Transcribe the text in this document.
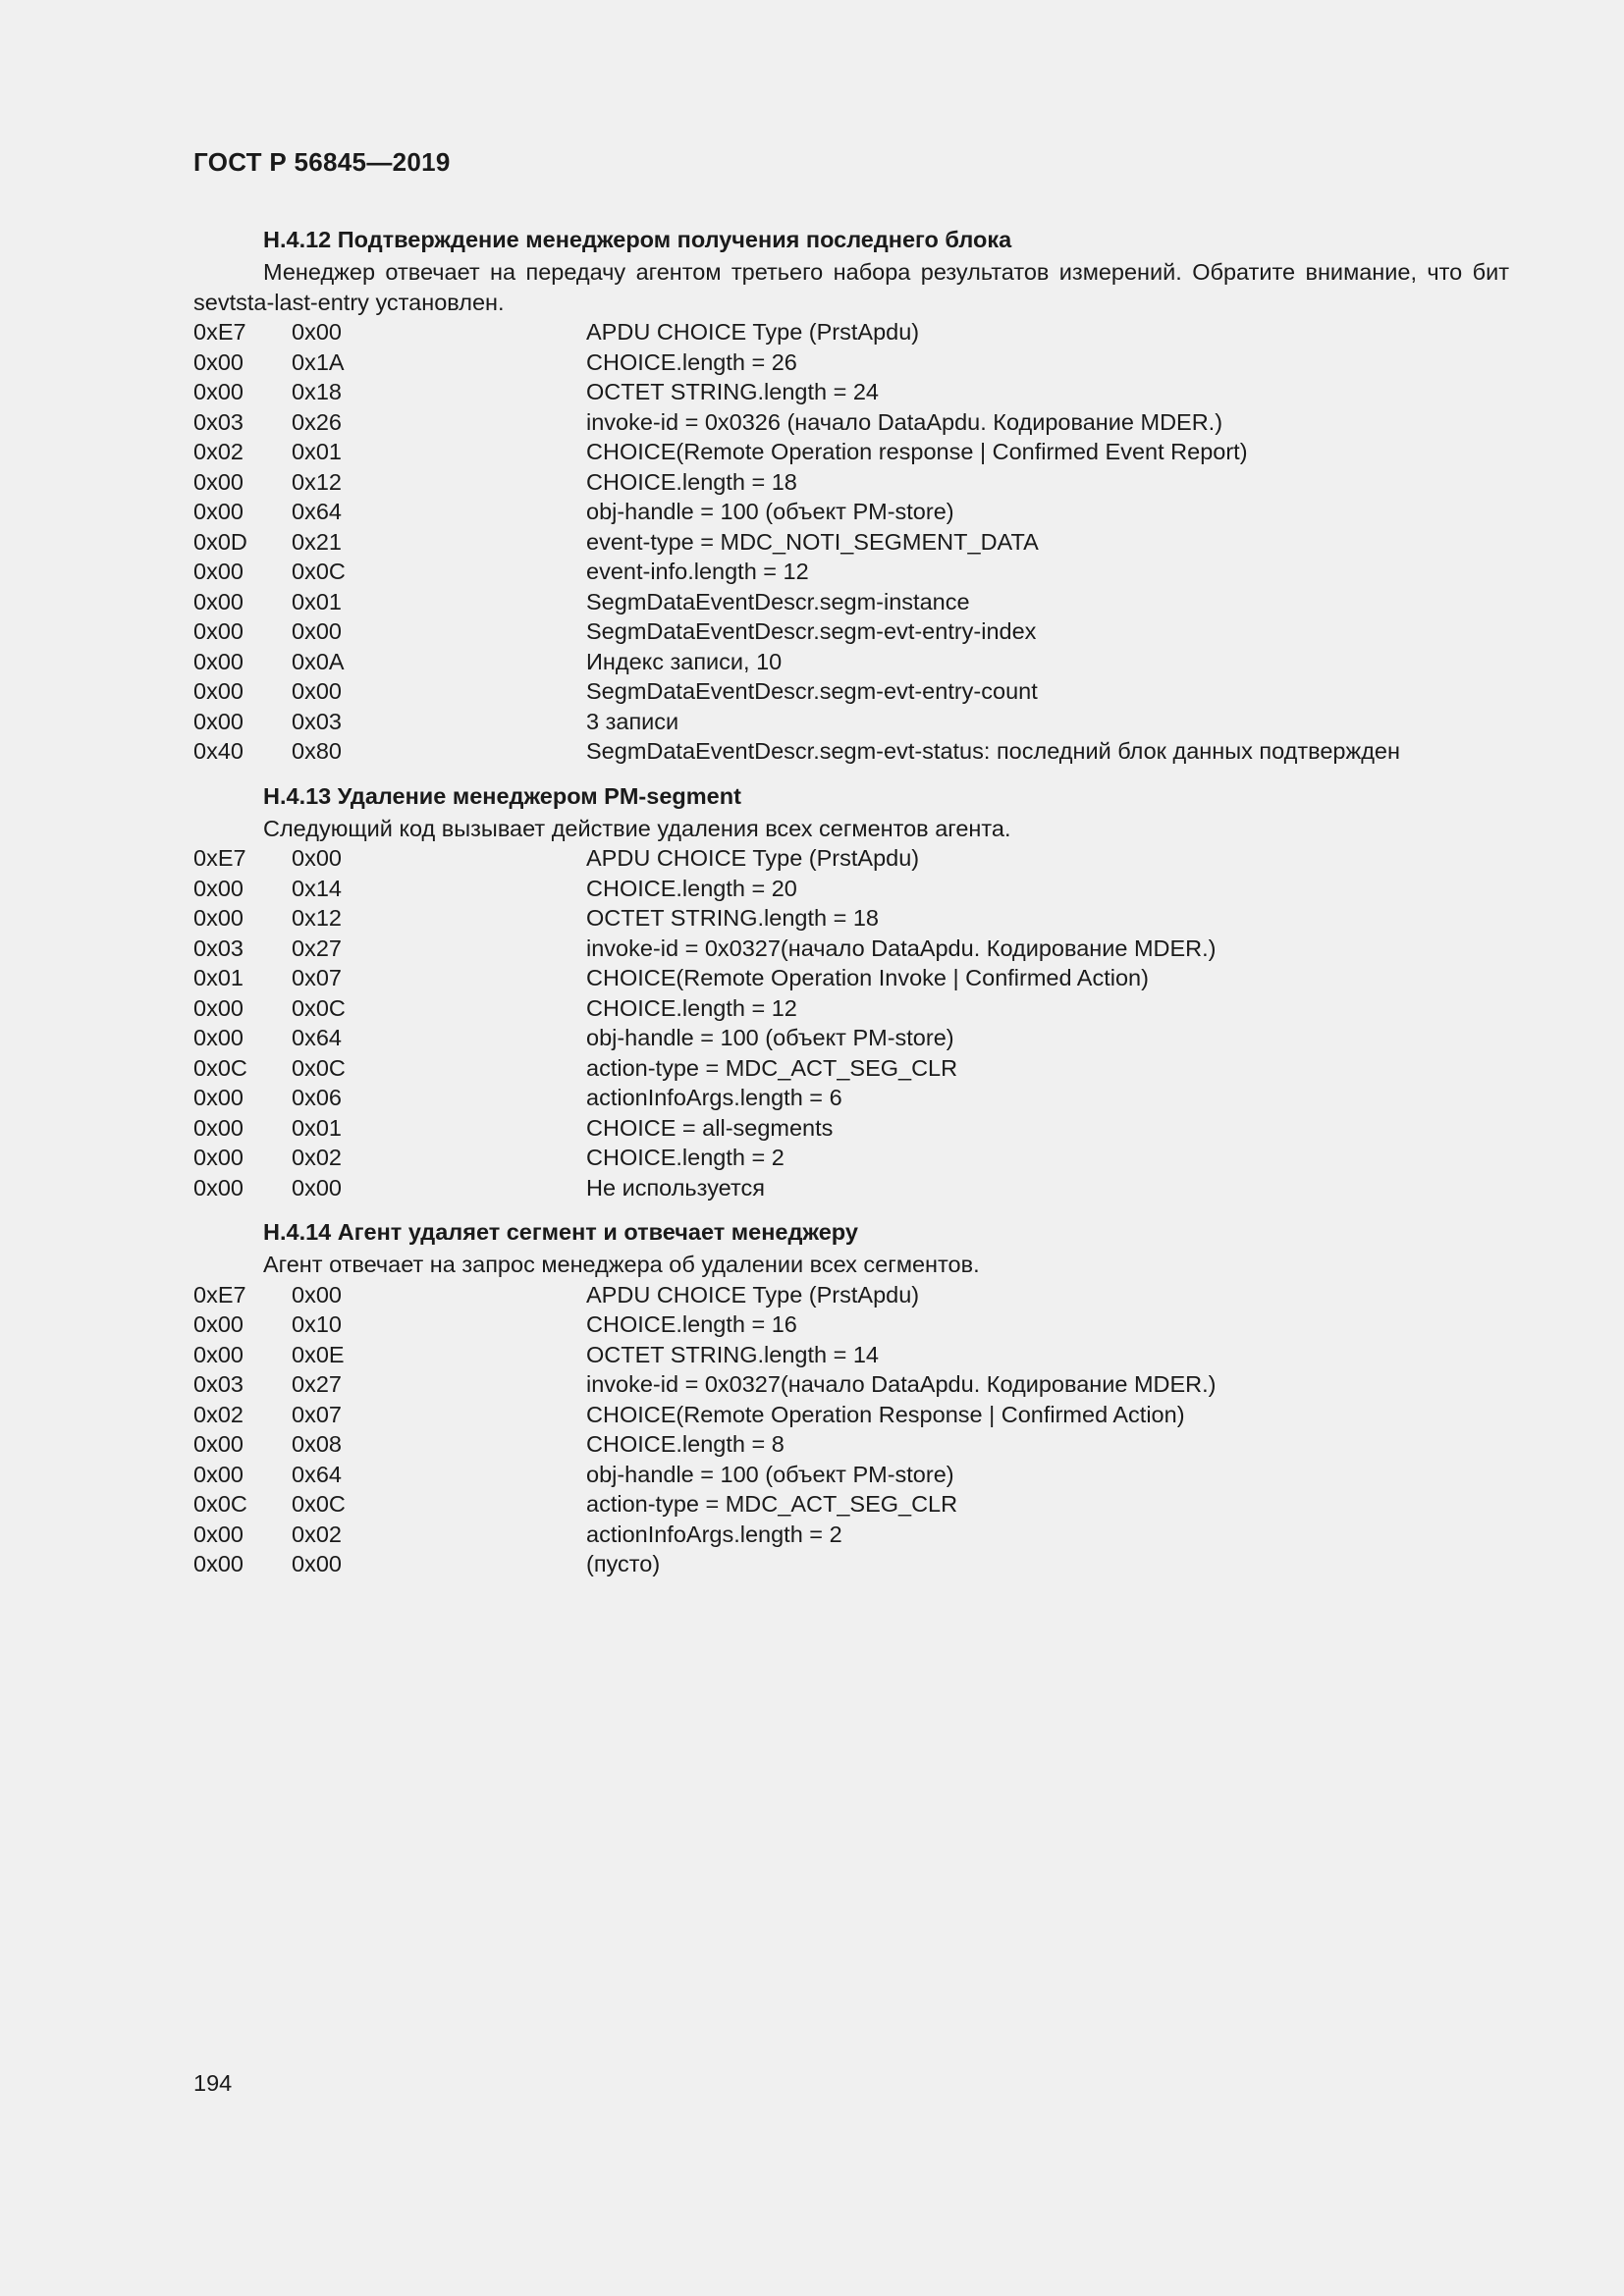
ГОСТ Р 56845—2019
H.4.12 Подтверждение менеджером получения последнего блока

Менеджер отвечает на передачу агентом третьего набора результатов измерений. Обратите внимание, что бит sevtsta-last-entry установлен.

0xE7 0x00	APDU CHOICE Type (PrstApdu)
0x00 0x1A	CHOICE.length = 26
0x00 0x18	OCTET STRING.length = 24
0x03 0x26	invoke-id = 0x0326 (начало DataApdu. Кодирование MDER.)
0x02 0x01	CHOICE(Remote Operation response | Confirmed Event Report)
0x00 0x12	CHOICE.length = 18
0x00 0x64	obj-handle = 100 (объект PM-store)
0x0D 0x21	event-type = MDC_NOTI_SEGMENT_DATA
0x00 0x0C	event-info.length = 12
0x00 0x01	SegmDataEventDescr.segm-instance
0x00 0x00	SegmDataEventDescr.segm-evt-entry-index
0x00 0x0A	Индекс записи, 10
0x00 0x00	SegmDataEventDescr.segm-evt-entry-count
0x00 0x03	3 записи
0x40 0x80	SegmDataEventDescr.segm-evt-status: последний блок данных подтвержден
H.4.13 Удаление менеджером PM-segment

Следующий код вызывает действие удаления всех сегментов агента.

0xE7 0x00	APDU CHOICE Type (PrstApdu)
0x00 0x14	CHOICE.length = 20
0x00 0x12	OCTET STRING.length = 18
0x03 0x27	invoke-id = 0x0327(начало DataApdu. Кодирование MDER.)
0x01 0x07	CHOICE(Remote Operation Invoke | Confirmed Action)
0x00 0x0C	CHOICE.length = 12
0x00 0x64	obj-handle = 100 (объект PM-store)
0x0C 0x0C	action-type = MDC_ACT_SEG_CLR
0x00 0x06	actionInfoArgs.length = 6
0x00 0x01	CHOICE = all-segments
0x00 0x02	CHOICE.length = 2
0x00 0x00	Не используется
H.4.14 Агент удаляет сегмент и отвечает менеджеру

Агент отвечает на запрос менеджера об удалении всех сегментов.

0xE7 0x00	APDU CHOICE Type (PrstApdu)
0x00 0x10	CHOICE.length = 16
0x00 0x0E	OCTET STRING.length = 14
0x03 0x27	invoke-id = 0x0327(начало DataApdu. Кодирование MDER.)
0x02 0x07	CHOICE(Remote Operation Response | Confirmed Action)
0x00 0x08	CHOICE.length = 8
0x00 0x64	obj-handle = 100 (объект PM-store)
0x0C 0x0C	action-type = MDC_ACT_SEG_CLR
0x00 0x02	actionInfoArgs.length = 2
0x00 0x00	(пусто)
194
